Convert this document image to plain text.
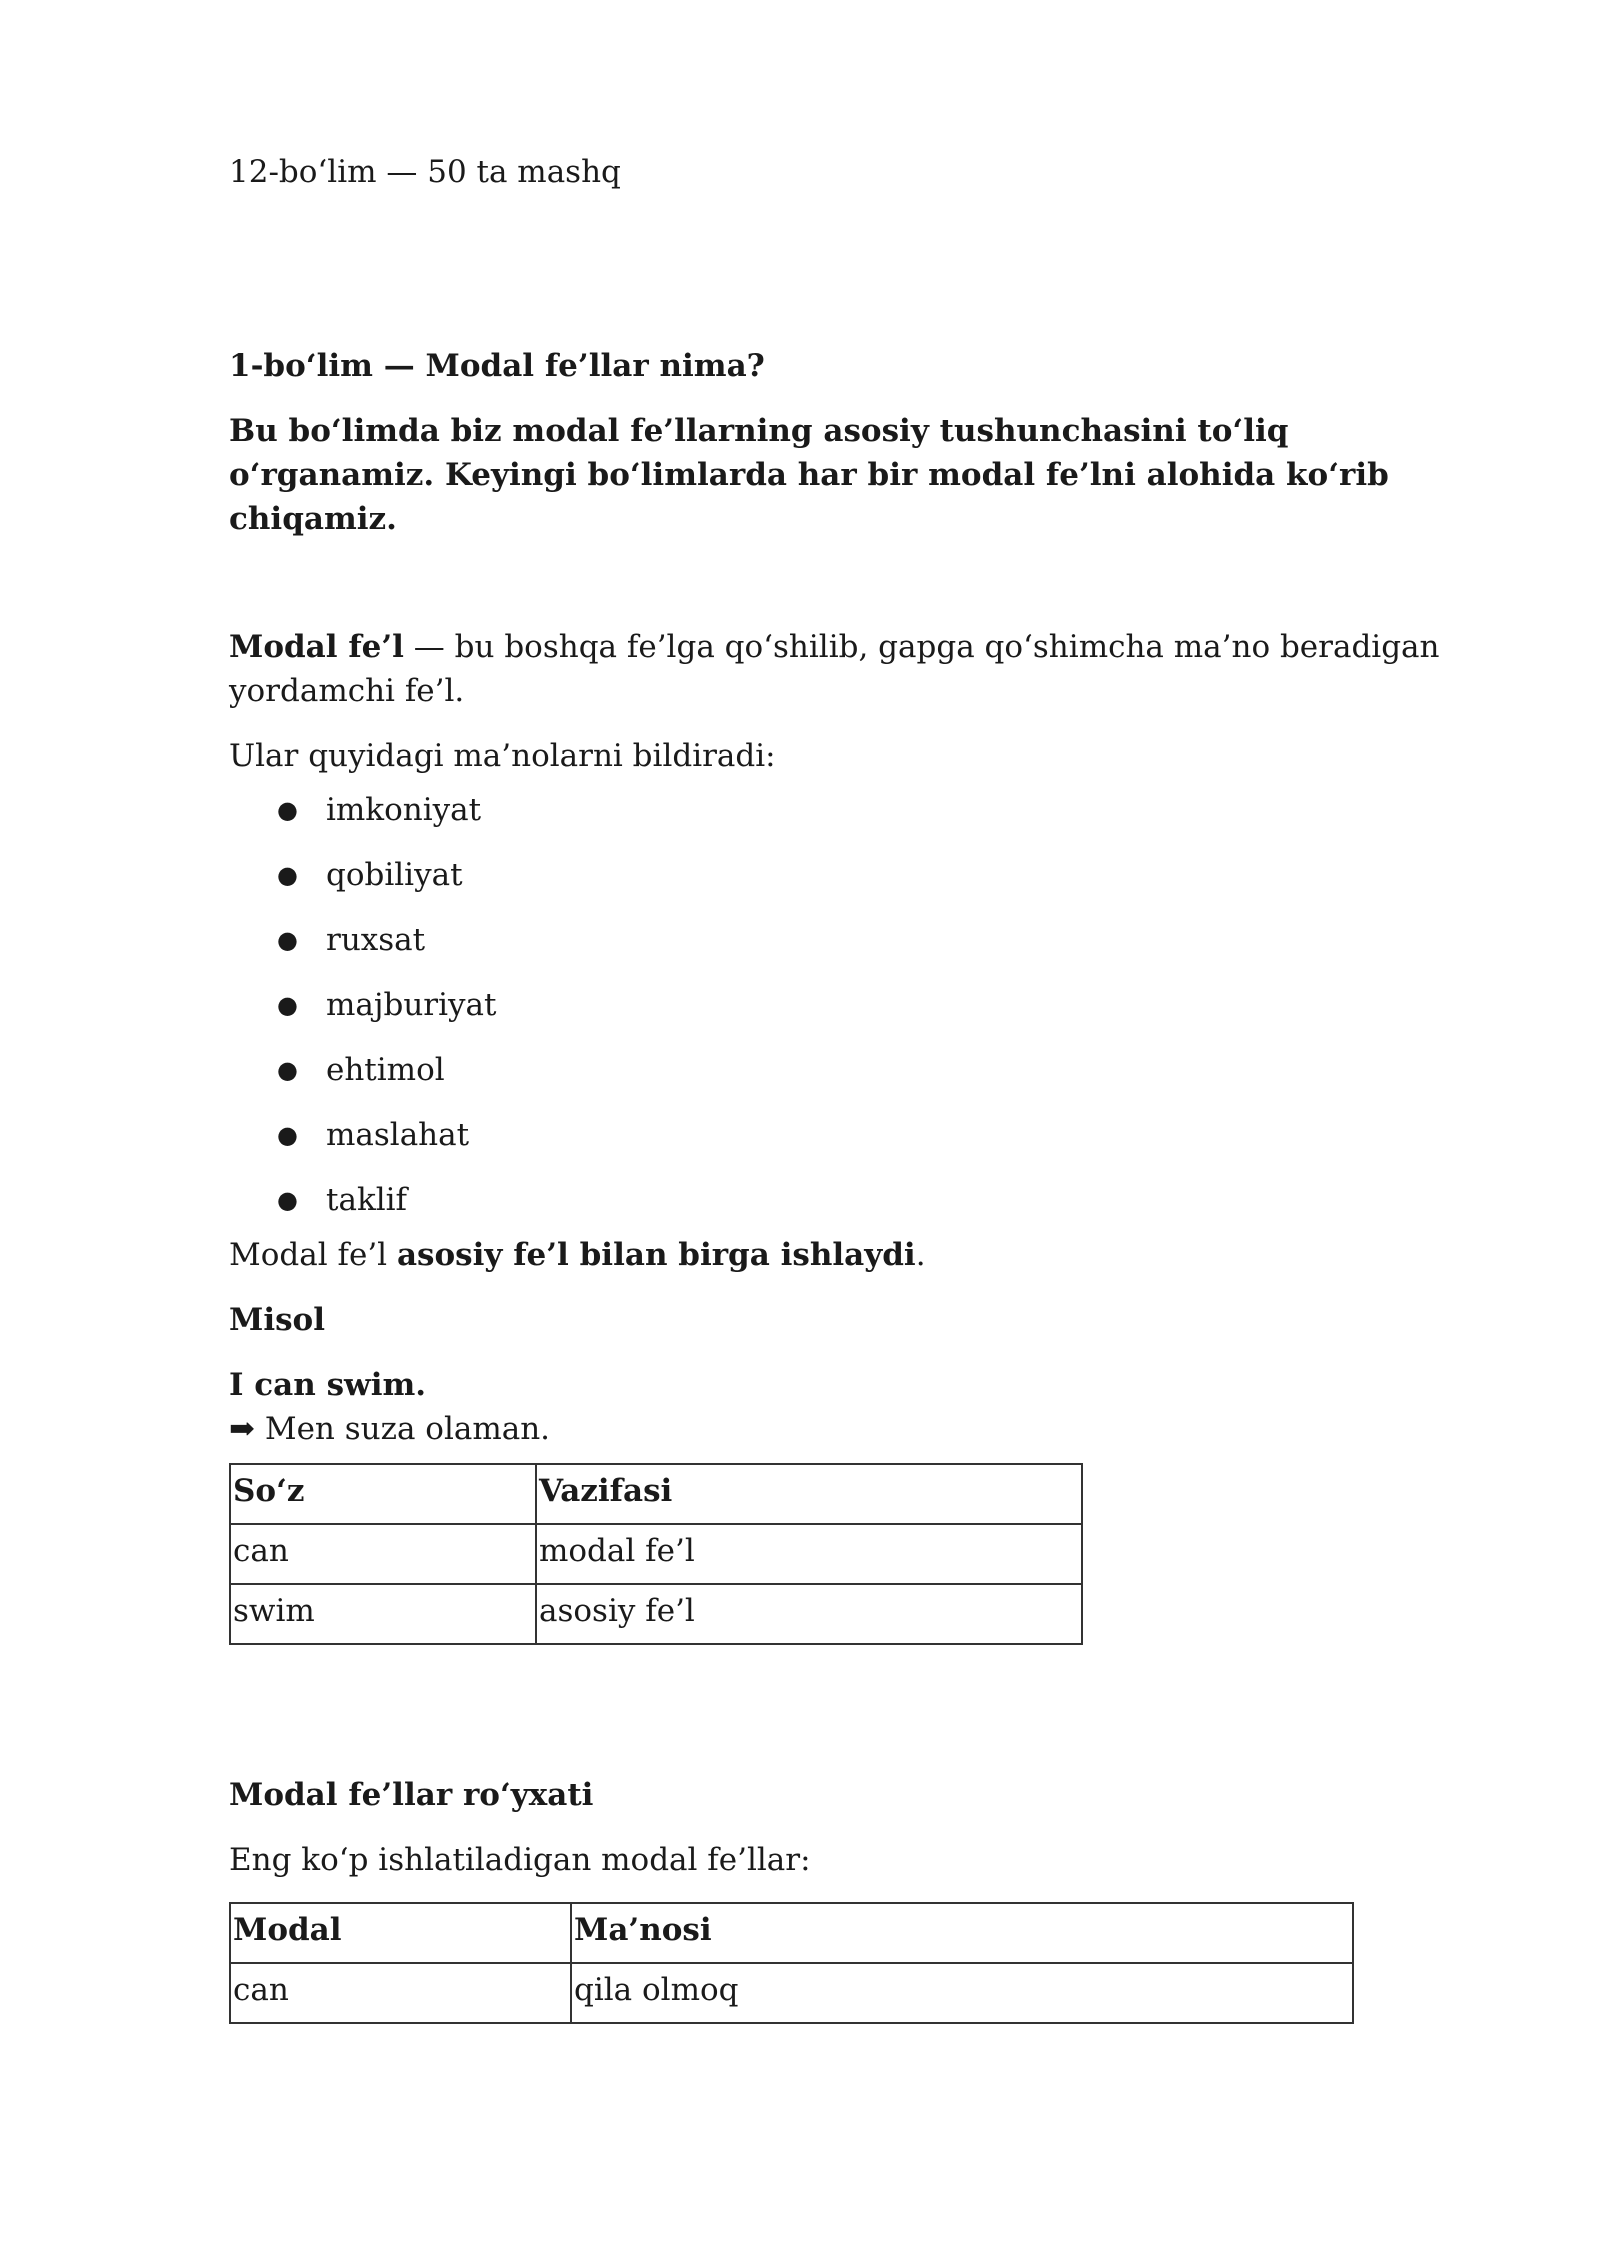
12-bo‘lim — 50 ta mashq

1-bo‘lim — Modal fe’llar nima?

Bu bo‘limda biz modal fe’llarning asosiy tushunchasini to‘liq o‘rganamiz. Keyingi bo‘limlarda har bir modal fe’lni alohida ko‘rib chiqamiz.

Modal fe’l — bu boshqa fe’lga qo‘shilib, gapga qo‘shimcha ma’no beradigan yordamchi fe’l.

Ular quyidagi ma’nolarni bildiradi:

● imkoniyat
● qobiliyat
● ruxsat
● majburiyat
● ehtimol
● maslahat
● taklif

Modal fe’l asosiy fe’l bilan birga ishlaydi.

Misol

I can swim.

➡ Men suza olaman.

So‘z	Vazifasi
can	modal fe’l
swim	asosiy fe’l

Modal fe’llar ro‘yxati

Eng ko‘p ishlatiladigan modal fe’llar:

Modal	Ma’nosi
can	qila olmoq
